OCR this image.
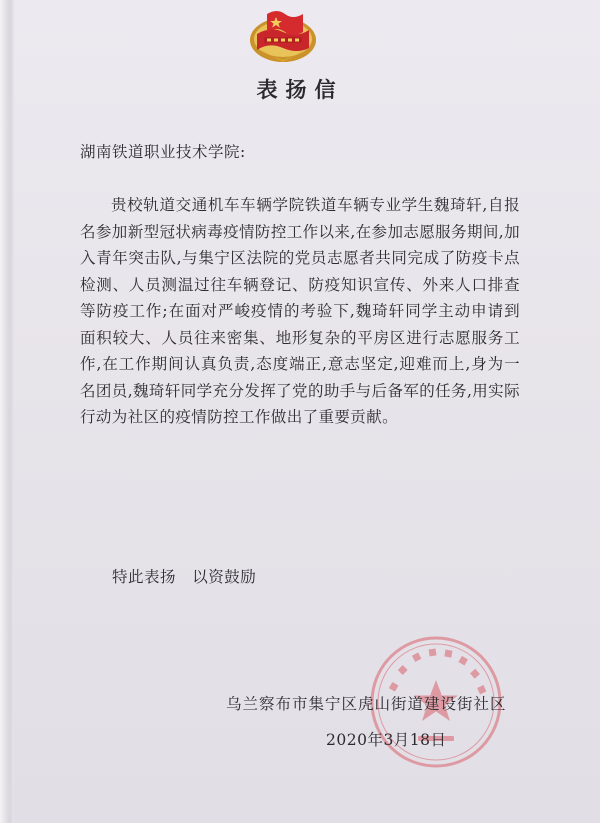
表扬信
湖南铁道职业技术学院:

贵校轨道交通机车车辆学院铁道车辆专业学生魏琦轩,自报名参加新型冠状病毒疫情防控工作以来,在参加志愿服务期间,加入青年突击队,与集宁区法院的党员志愿者共同完成了防疫卡点检测、人员测温过往车辆登记、防疫知识宣传、外来人口排查等防疫工作;在面对严峻疫情的考验下,魏琦轩同学主动申请到面积较大、人员往来密集、地形复杂的平房区进行志愿服务工作,在工作期间认真负责,态度端正,意志坚定,迎难而上,身为一名团员,魏琦轩同学充分发挥了党的助手与后备军的任务,用实际行动为社区的疫情防控工作做出了重要贡献。

特此表扬   以资鼓励
乌兰察布市集宁区虎山街道建设街社区
2020年3月18日
